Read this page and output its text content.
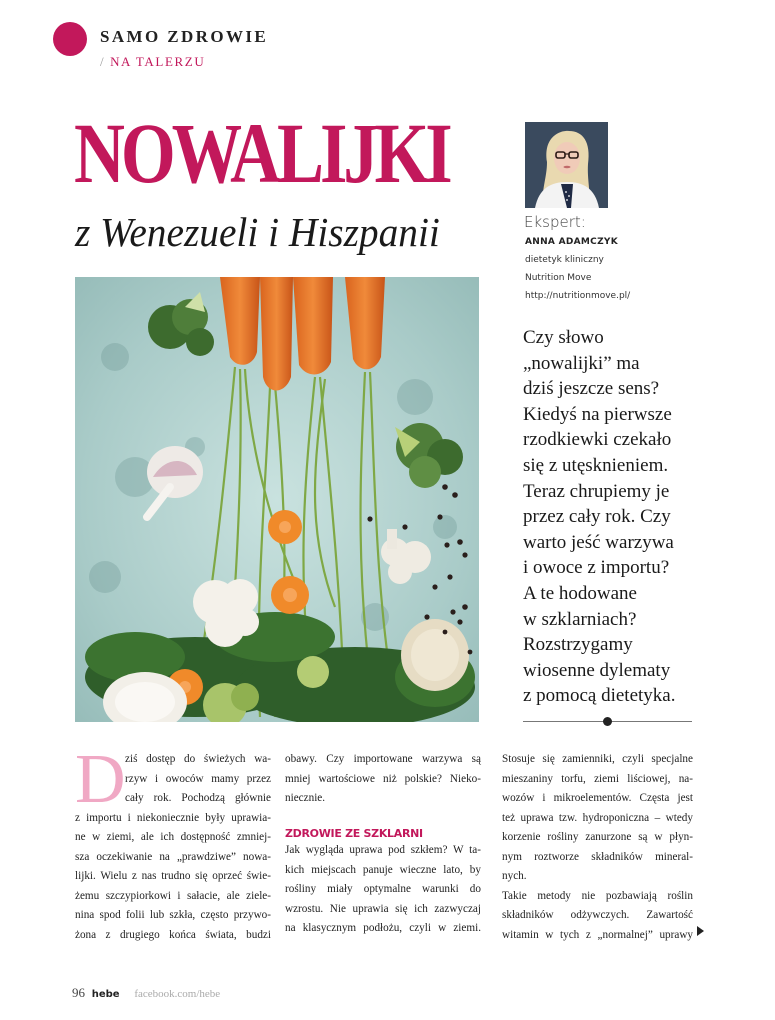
SAMO ZDROWIE
/ NA TALERZU
NOWALIJKI
z Wenezueli i Hiszpanii	Ekspert:
ANNA ADAMCZYK
dietetyk kliniczny
Nutrition Move
http://nutritionmove.pl/
Czy słowo
„nowalijki” ma
dziś jeszcze sens?
Kiedyś na pierwsze
rzodkiewki czekało
się z utęsknieniem.
Teraz chrupiemy je
przez cały rok. Czy
warto jeść warzywa
i owoce z importu?
A te hodowane
w szklarniach?
Rozstrzygamy
wiosenne dylematy
z pomocą dietetyka.
D ziś dostęp do świeżych wa-
rzyw i owoców mamy przez
cały rok. Pochodzą głównie
z importu i niekoniecznie były uprawia-
ne w ziemi, ale ich dostępność zmniej-
sza oczekiwanie na „prawdziwe” nowa-
lijki. Wielu z nas trudno się oprzeć świe-
żemu szczypiorkowi i sałacie, ale ziele-
nina spod folii lub szkła, często przywo-
żona z drugiego końca świata, budzi
obawy. Czy importowane warzywa są
mniej wartościowe niż polskie? Nieko-
niecznie.
ZDROWIE ZE SZKLARNI
Jak wygląda uprawa pod szkłem? W ta-
kich miejscach panuje wieczne lato, by
rośliny miały optymalne warunki do
wzrostu. Nie uprawia się ich zazwyczaj
na klasycznym podłożu, czyli w ziemi.
Stosuje się zamienniki, czyli specjalne
mieszaniny torfu, ziemi liściowej, na-
wozów i mikroelementów. Częsta jest
też uprawa tzw. hydroponiczna – wtedy
korzenie rośliny zanurzone są w płyn-
nym roztworze składników mineral-
nych.
Takie metody nie pozbawiają roślin
składników odżywczych. Zawartość
witamin w tych z „normalnej” uprawy
96 hebe facebook.com/hebe
